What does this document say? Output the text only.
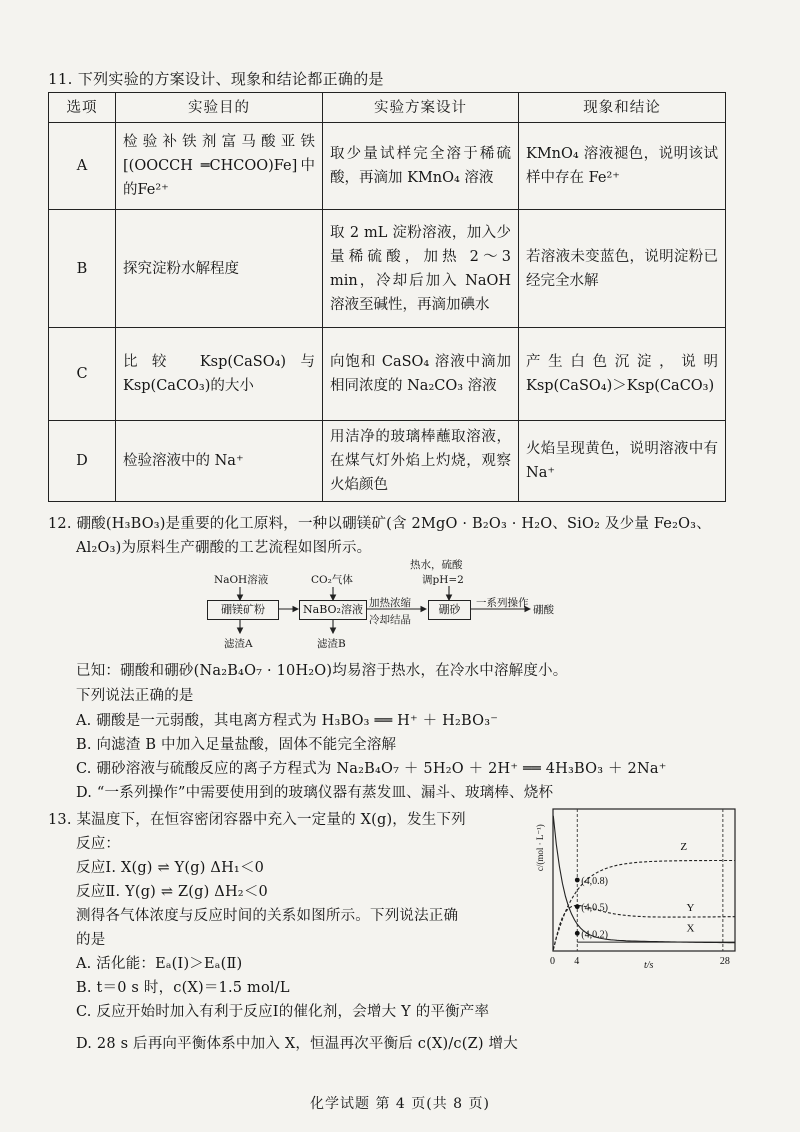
11. 下列实验的方案设计、现象和结论都正确的是
选项	实验目的	实验方案设计	现象和结论
A	检验补铁剂富马酸亚铁[(OOCCH ═CHCOO)Fe]中的Fe²⁺	取少量试样完全溶于稀硫酸，再滴加 KMnO₄ 溶液	KMnO₄ 溶液褪色，说明该试样中存在 Fe²⁺
B	探究淀粉水解程度	取 2 mL 淀粉溶液，加入少量稀硫酸，加热 2～3 min，冷却后加入 NaOH 溶液至碱性，再滴加碘水	若溶液未变蓝色，说明淀粉已经完全水解
C	比较 Ksp(CaSO₄)与 Ksp(CaCO₃)的大小	向饱和 CaSO₄ 溶液中滴加相同浓度的 Na₂CO₃ 溶液	产生白色沉淀，说明 Ksp(CaSO₄)＞Ksp(CaCO₃)
D	检验溶液中的 Na⁺	用洁净的玻璃棒蘸取溶液，在煤气灯外焰上灼烧，观察火焰颜色	火焰呈现黄色，说明溶液中有 Na⁺
12. 硼酸(H₃BO₃)是重要的化工原料，一种以硼镁矿(含 2MgO · B₂O₃ · H₂O、SiO₂ 及少量 Fe₂O₃、
Al₂O₃)为原料生产硼酸的工艺流程如图所示。
NaOH溶液	CO₂气体
热水，硫酸
调pH=2
硼镁矿粉	NaBO₂溶液 加热浓缩
冷却结晶
硼砂	一系列操作
硼酸
滤渣A	滤渣B
已知：硼酸和硼砂(Na₂B₄O₇ · 10H₂O)均易溶于热水，在冷水中溶解度小。
下列说法正确的是
A. 硼酸是一元弱酸，其电离方程式为 H₃BO₃ ══ H⁺ ＋ H₂BO₃⁻
B. 向滤渣 B 中加入足量盐酸，固体不能完全溶解
C. 硼砂溶液与硫酸反应的离子方程式为 Na₂B₄O₇ ＋ 5H₂O ＋ 2H⁺ ══ 4H₃BO₃ ＋ 2Na⁺
D. “一系列操作”中需要使用到的玻璃仪器有蒸发皿、漏斗、玻璃棒、烧杯
13. 某温度下，在恒容密闭容器中充入一定量的 X(g)，发生下列
反应：
反应Ⅰ. X(g) ⇌ Y(g) ΔH₁＜0
反应Ⅱ. Y(g) ⇌ Z(g) ΔH₂＜0
测得各气体浓度与反应时间的关系如图所示。下列说法正确
的是
A. 活化能：Eₐ(Ⅰ)＞Eₐ(Ⅱ)
B. t＝0 s 时，c(X)＝1.5 mol/L
C. 反应开始时加入有利于反应Ⅰ的催化剂，会增大 Y 的平衡产率
D. 28 s 后再向平衡体系中加入 X，恒温再次平衡后 c(X)/c(Z) 增大
(4,0.8)
(4,0.5)
(4,0.2)
Z
Y
X
0 4	28
t/s
c/(mol · L⁻¹)
化学试题 第 4 页(共 8 页)
